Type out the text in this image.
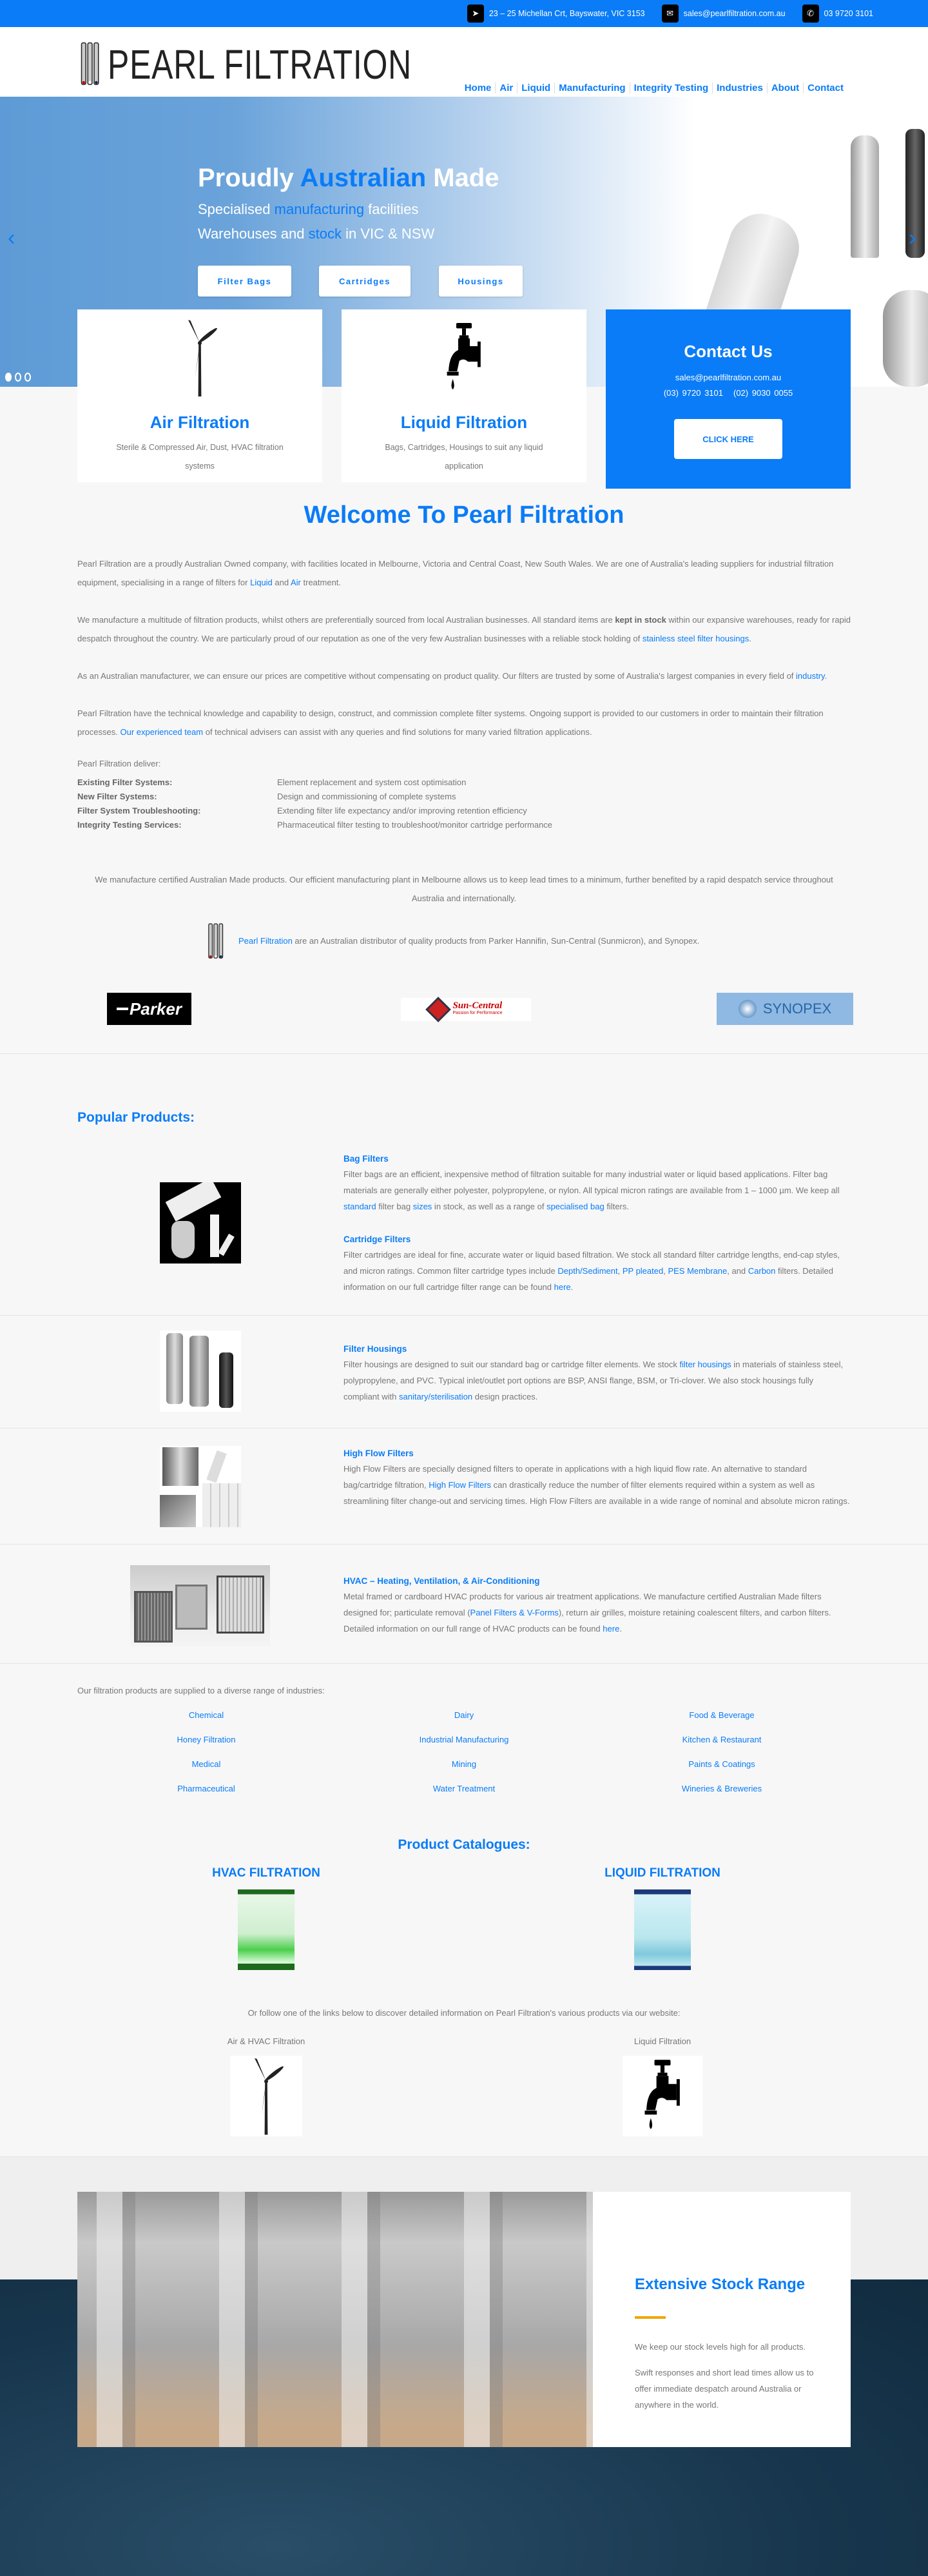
➤	23 – 25 Michellan Crt, Bayswater, VIC 3153	✉	sales@pearlfiltration.com.au	✆	03 9720 3101
PEARL FILTRATION
Home Air Liquid Manufacturing Integrity Testing Industries About Contact
Proudly Australian Made
Specialised manufacturing facilities
Warehouses and stock in VIC & NSW
Filter Bags	Cartridges	Housings
‹	›
Air Filtration

Sterile & Compressed Air, Dust, HVAC filtration systems

Liquid Filtration

Bags, Cartridges, Housings to suit any liquid application

Contact Us
sales@pearlfiltration.com.au
(03) 9720 3101 (02) 9030 0055
CLICK HERE
Welcome To Pearl Filtration

Pearl Filtration are a proudly Australian Owned company, with facilities located in Melbourne, Victoria and Central Coast, New South Wales. We are one of Australia's leading suppliers for industrial filtration equipment, specialising in a range of filters for Liquid and Air treatment.

We manufacture a multitude of filtration products, whilst others are preferentially sourced from local Australian businesses. All standard items are kept in stock within our expansive warehouses, ready for rapid despatch throughout the country. We are particularly proud of our reputation as one of the very few Australian businesses with a reliable stock holding of stainless steel filter housings.

As an Australian manufacturer, we can ensure our prices are competitive without compensating on product quality. Our filters are trusted by some of Australia's largest companies in every field of industry.

Pearl Filtration have the technical knowledge and capability to design, construct, and commission complete filter systems. Ongoing support is provided to our customers in order to maintain their filtration processes. Our experienced team of technical advisers can assist with any queries and find solutions for many varied filtration applications.

Pearl Filtration deliver:

Existing Filter Systems:	Element replacement and system cost optimisation
New Filter Systems:	Design and commissioning of complete systems
Filter System Troubleshooting:	Extending filter life expectancy and/or improving retention efficiency
Integrity Testing Services:	Pharmaceutical filter testing to troubleshoot/monitor cartridge performance

We manufacture certified Australian Made products. Our efficient manufacturing plant in Melbourne allows us to keep lead times to a minimum, further benefited by a rapid despatch service throughout Australia and internationally.

Pearl Filtration are an Australian distributor of quality products from Parker Hannifin, Sun-Central (Sunmicron), and Synopex.

Parker	Sun-Central
Passion for Performance	SYNOPEX
Popular Products:
Bag Filters

Filter bags are an efficient, inexpensive method of filtration suitable for many industrial water or liquid based applications. Filter bag materials are generally either polyester, polypropylene, or nylon. All typical micron ratings are available from 1 – 1000 µm. We keep all standard filter bag sizes in stock, as well as a range of specialised bag filters.

Cartridge Filters

Filter cartridges are ideal for fine, accurate water or liquid based filtration. We stock all standard filter cartridge lengths, end-cap styles, and micron ratings. Common filter cartridge types include Depth/Sediment, PP pleated, PES Membrane, and Carbon filters. Detailed information on our full cartridge filter range can be found here.

Filter Housings

Filter housings are designed to suit our standard bag or cartridge filter elements. We stock filter housings in materials of stainless steel, polypropylene, and PVC. Typical inlet/outlet port options are BSP, ANSI flange, BSM, or Tri-clover. We also stock housings fully compliant with sanitary/sterilisation design practices.

High Flow Filters

High Flow Filters are specially designed filters to operate in applications with a high liquid flow rate. An alternative to standard bag/cartridge filtration, High Flow Filters can drastically reduce the number of filter elements required within a system as well as streamlining filter change-out and servicing times. High Flow Filters are available in a wide range of nominal and absolute micron ratings.

HVAC – Heating, Ventilation, & Air-Conditioning

Metal framed or cardboard HVAC products for various air treatment applications. We manufacture certified Australian Made filters designed for; particulate removal (Panel Filters & V-Forms), return air grilles, moisture retaining coalescent filters, and carbon filters. Detailed information on our full range of HVAC products can be found here.

Our filtration products are supplied to a diverse range of industries:

Chemical	Dairy	Food & Beverage
Honey Filtration	Industrial Manufacturing	Kitchen & Restaurant
Medical	Mining	Paints & Coatings
Pharmaceutical	Water Treatment	Wineries & Breweries
Product Catalogues:
HVAC FILTRATION	LIQUID FILTRATION

Or follow one of the links below to discover detailed information on Pearl Filtration's various products via our website:

Air & HVAC Filtration	Liquid Filtration
Extensive Stock Range

We keep our stock levels high for all products.

Swift responses and short lead times allow us to offer immediate despatch around Australia or anywhere in the world.
